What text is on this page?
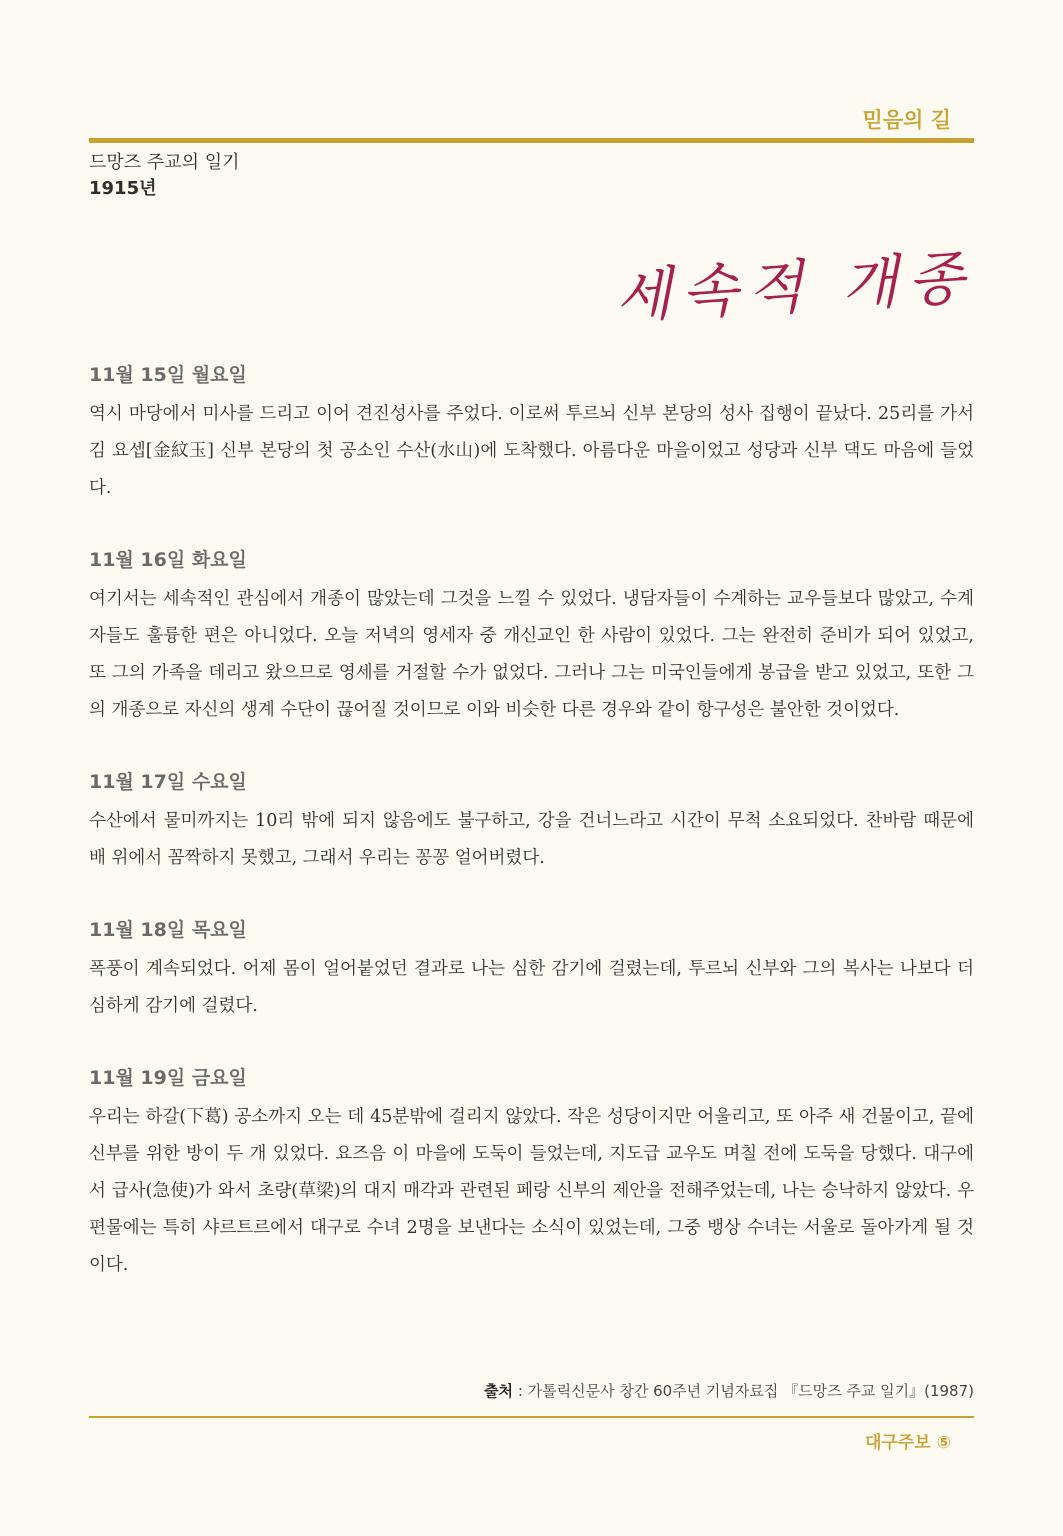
믿음의 길
드망즈 주교의 일기
1915년
세속적 개종
11월 15일 월요일

역시 마당에서 미사를 드리고 이어 견진성사를 주었다. 이로써 투르뇌 신부 본당의 성사 집행이 끝났다. 25리를 가서 김 요셉[金紋玉] 신부 본당의 첫 공소인 수산(水山)에 도착했다. 아름다운 마을이었고 성당과 신부 댁도 마음에 들었다.

11월 16일 화요일

여기서는 세속적인 관심에서 개종이 많았는데 그것을 느낄 수 있었다. 냉담자들이 수계하는 교우들보다 많았고, 수계자들도 훌륭한 편은 아니었다. 오늘 저녁의 영세자 중 개신교인 한 사람이 있었다. 그는 완전히 준비가 되어 있었고, 또 그의 가족을 데리고 왔으므로 영세를 거절할 수가 없었다. 그러나 그는 미국인들에게 봉급을 받고 있었고, 또한 그의 개종으로 자신의 생계 수단이 끊어질 것이므로 이와 비슷한 다른 경우와 같이 항구성은 불안한 것이었다.

11월 17일 수요일

수산에서 물미까지는 10리 밖에 되지 않음에도 불구하고, 강을 건너느라고 시간이 무척 소요되었다. 찬바람 때문에 배 위에서 꼼짝하지 못했고, 그래서 우리는 꽁꽁 얼어버렸다.

11월 18일 목요일

폭풍이 계속되었다. 어제 몸이 얼어붙었던 결과로 나는 심한 감기에 걸렸는데, 투르뇌 신부와 그의 복사는 나보다 더 심하게 감기에 걸렸다.

11월 19일 금요일

우리는 하갈(下葛) 공소까지 오는 데 45분밖에 걸리지 않았다. 작은 성당이지만 어울리고, 또 아주 새 건물이고, 끝에 신부를 위한 방이 두 개 있었다. 요즈음 이 마을에 도둑이 들었는데, 지도급 교우도 며칠 전에 도둑을 당했다. 대구에서 급사(急使)가 와서 초량(草梁)의 대지 매각과 관련된 페랑 신부의 제안을 전해주었는데, 나는 승낙하지 않았다. 우편물에는 특히 샤르트르에서 대구로 수녀 2명을 보낸다는 소식이 있었는데, 그중 뱅상 수녀는 서울로 돌아가게 될 것이다.

출처 : 가톨릭신문사 창간 60주년 기념자료집 『드망즈 주교 일기』(1987)
대구주보 ⑤
